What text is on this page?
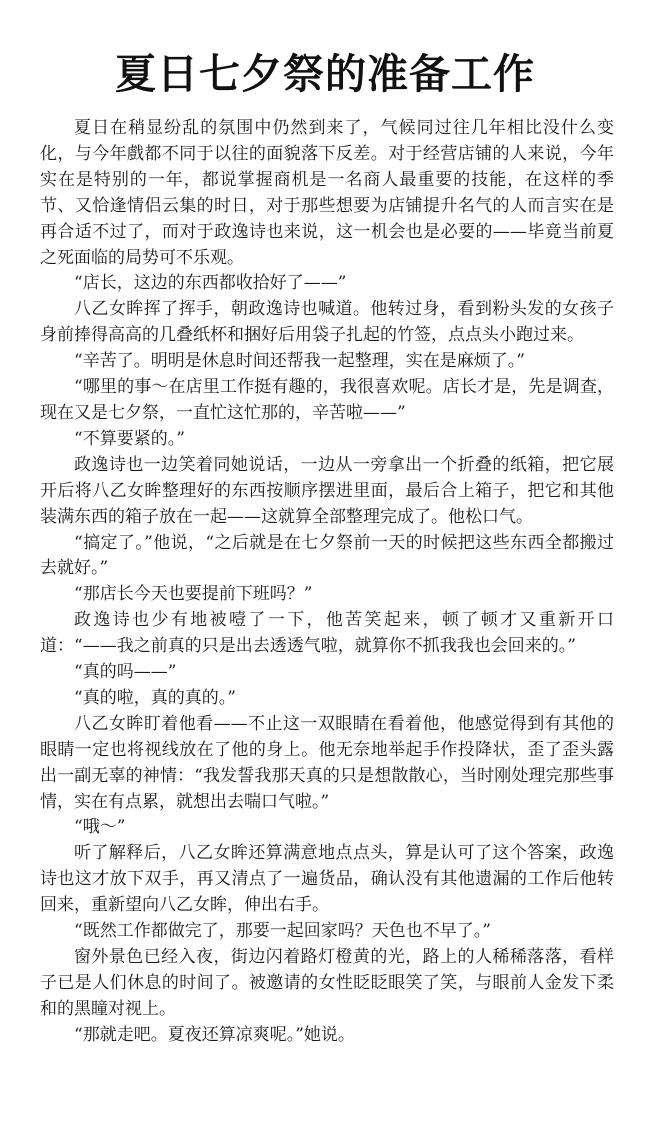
夏日七夕祭的准备工作

夏日在稍显纷乱的氛围中仍然到来了，气候同过往几年相比没什么变化，与今年戲都不同于以往的面貌落下反差。对于经营店铺的人来说，今年实在是特别的一年，都说掌握商机是一名商人最重要的技能，在这样的季节、又恰逢情侣云集的时日，对于那些想要为店铺提升名气的人而言实在是再合适不过了，而对于政逸诗也来说，这一机会也是必要的——毕竟当前夏之死面临的局势可不乐观。

“店长，这边的东西都收拾好了——”

八乙女眸挥了挥手，朝政逸诗也喊道。他转过身，看到粉头发的女孩子身前捧得高高的几叠纸杯和捆好后用袋子扎起的竹签，点点头小跑过来。

“辛苦了。明明是休息时间还帮我一起整理，实在是麻烦了。”

“哪里的事～在店里工作挺有趣的，我很喜欢呢。店长才是，先是调查，现在又是七夕祭，一直忙这忙那的，辛苦啦——”

“不算要紧的。”

政逸诗也一边笑着同她说话，一边从一旁拿出一个折叠的纸箱，把它展开后将八乙女眸整理好的东西按顺序摆进里面，最后合上箱子，把它和其他装满东西的箱子放在一起——这就算全部整理完成了。他松口气。

“搞定了。”他说，“之后就是在七夕祭前一天的时候把这些东西全都搬过去就好。”

“那店长今天也要提前下班吗？”

政逸诗也少有地被噎了一下，他苦笑起来，顿了顿才又重新开口道：“——我之前真的只是出去透透气啦，就算你不抓我我也会回来的。”

“真的吗——”

“真的啦，真的真的。”

八乙女眸盯着他看——不止这一双眼睛在看着他，他感觉得到有其他的眼睛一定也将视线放在了他的身上。他无奈地举起手作投降状，歪了歪头露出一副无辜的神情：“我发誓我那天真的只是想散散心，当时刚处理完那些事情，实在有点累，就想出去喘口气啦。”

“哦～”

听了解释后，八乙女眸还算满意地点点头，算是认可了这个答案，政逸诗也这才放下双手，再又清点了一遍货品，确认没有其他遗漏的工作后他转回来，重新望向八乙女眸，伸出右手。

“既然工作都做完了，那要一起回家吗？天色也不早了。”

窗外景色已经入夜，街边闪着路灯橙黄的光，路上的人稀稀落落，看样子已是人们休息的时间了。被邀请的女性眨眨眼笑了笑，与眼前人金发下柔和的黑瞳对视上。

“那就走吧。夏夜还算凉爽呢。”她说。
